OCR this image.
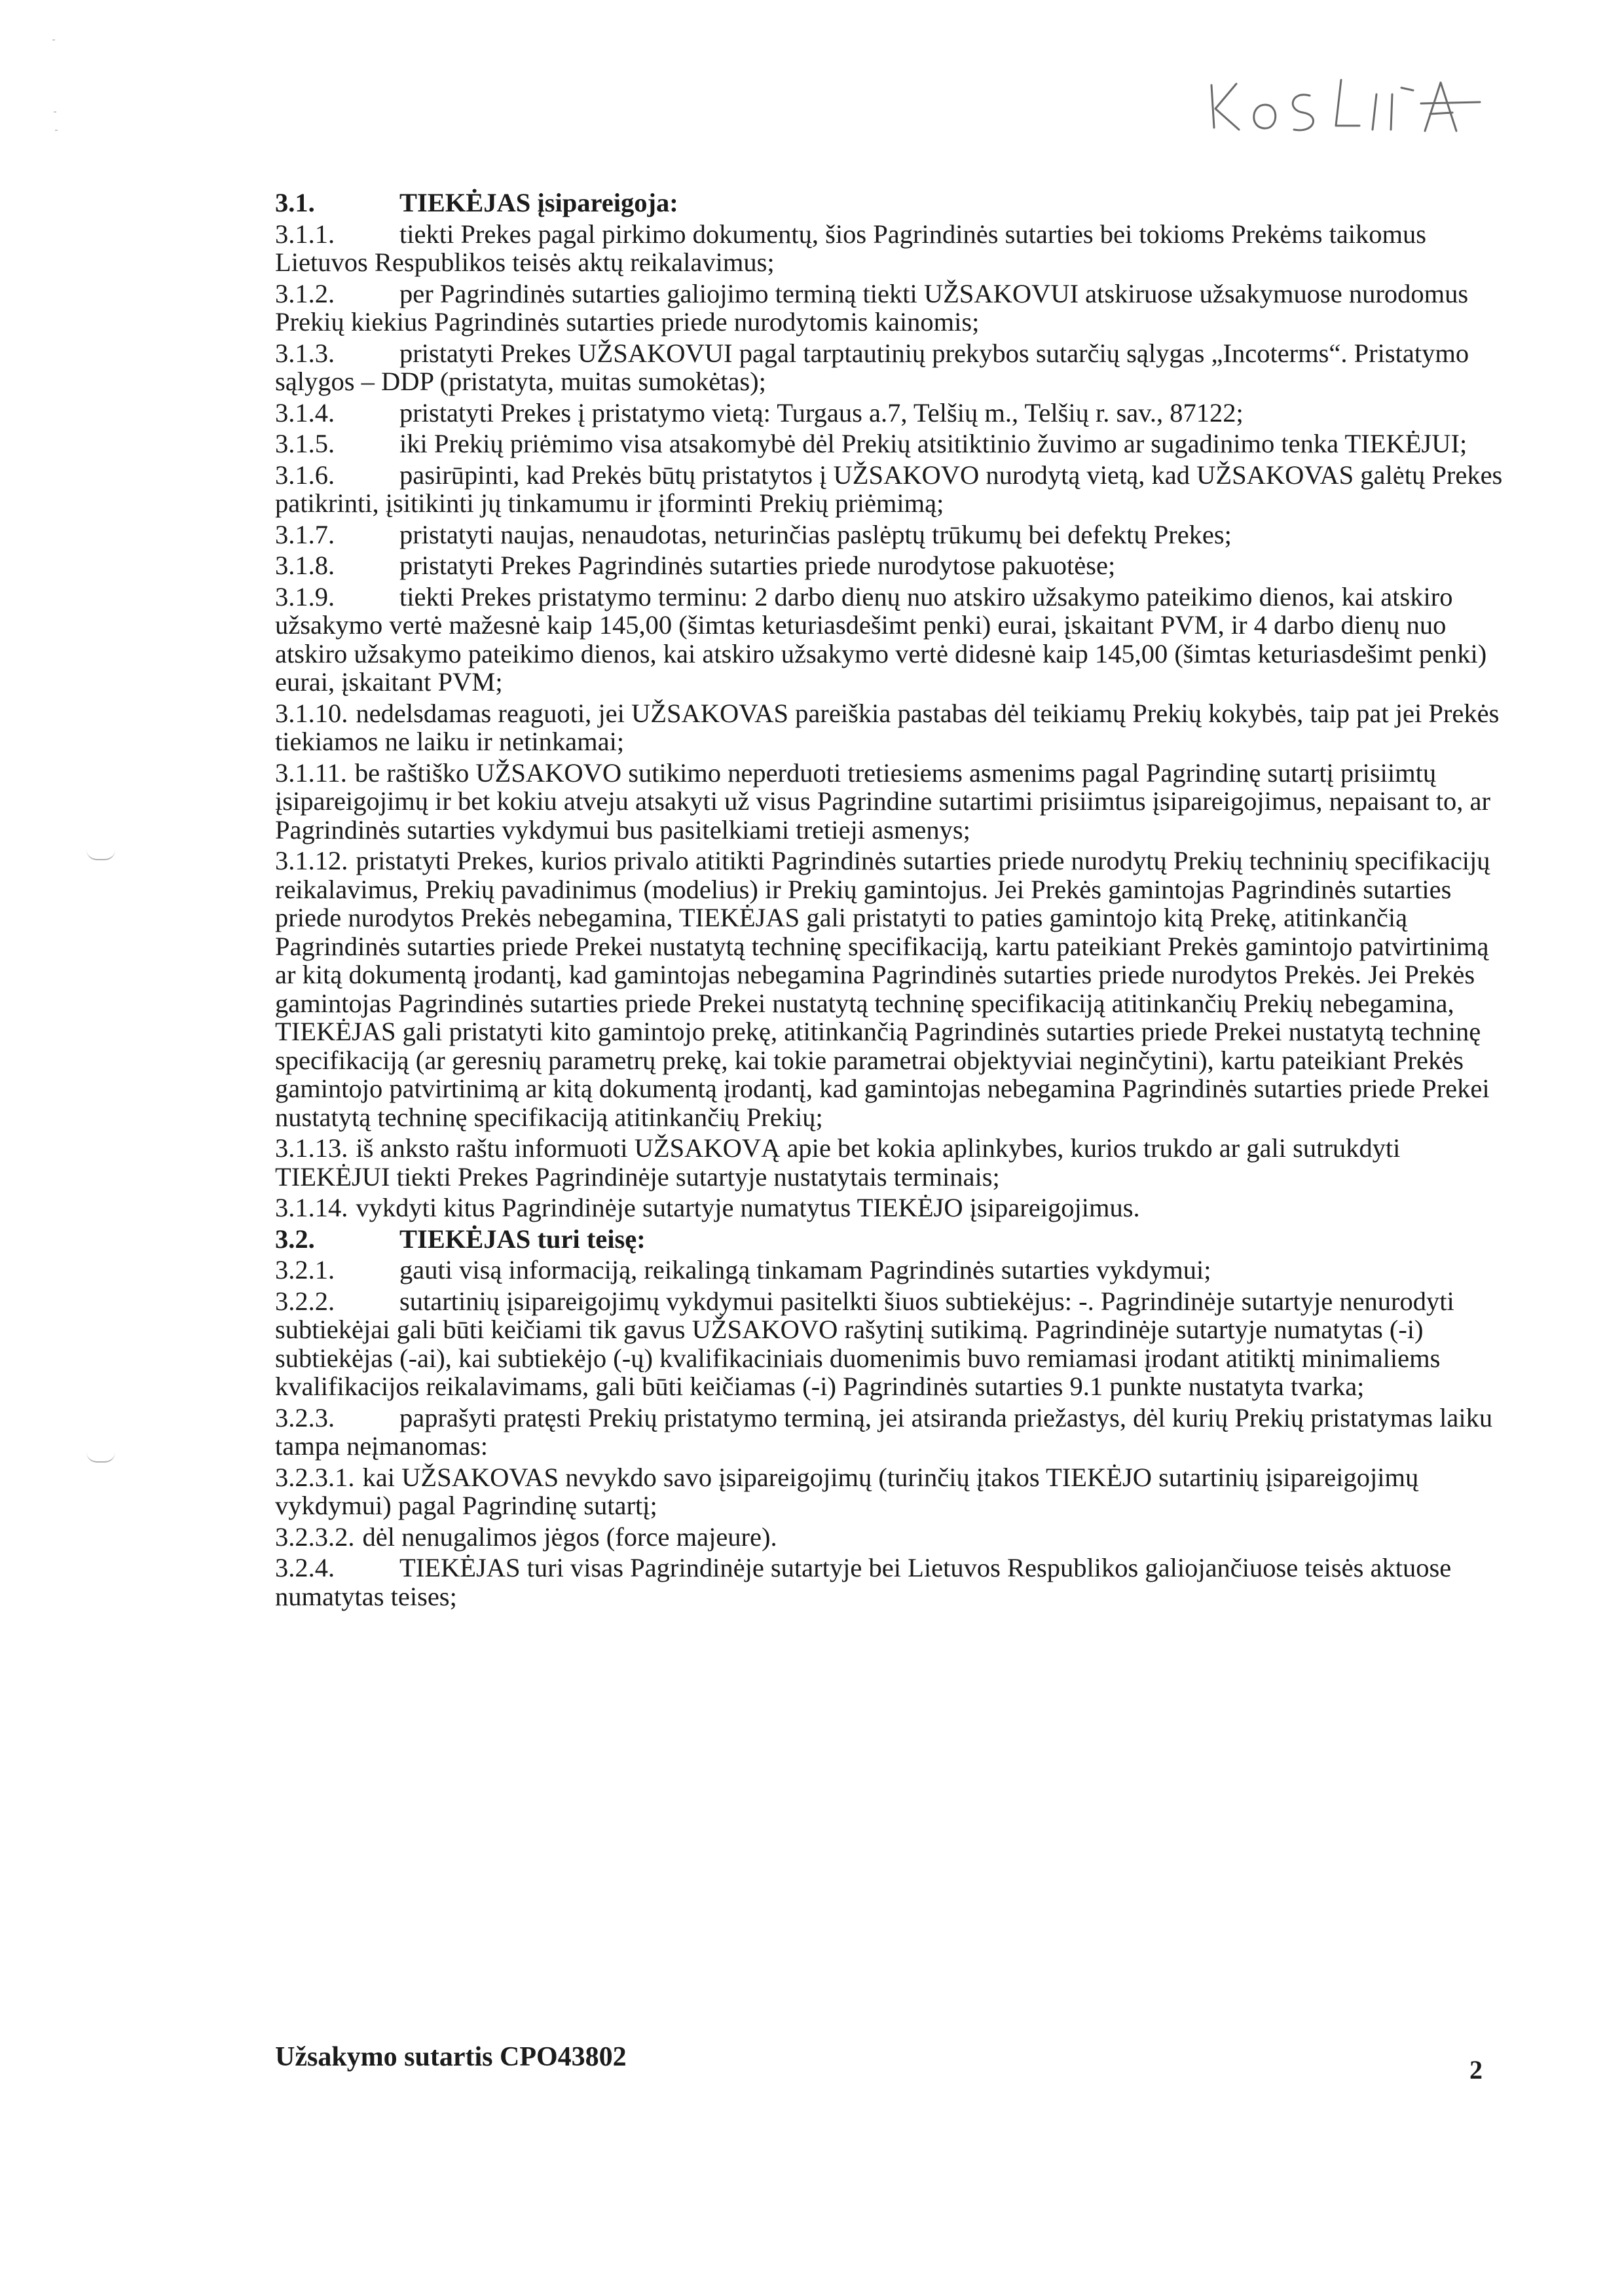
3.1.	TIEKĖJAS įsipareigoja:
3.1.1. tiekti Prekes pagal pirkimo dokumentų, šios Pagrindinės sutarties bei tokioms Prekėms taikomus Lietuvos Respublikos teisės aktų reikalavimus;
3.1.2. per Pagrindinės sutarties galiojimo terminą tiekti UŽSAKOVUI atskiruose užsakymuose nurodomus Prekių kiekius Pagrindinės sutarties priede nurodytomis kainomis;
3.1.3. pristatyti Prekes UŽSAKOVUI pagal tarptautinių prekybos sutarčių sąlygas „Incoterms“. Pristatymo sąlygos – DDP (pristatyta, muitas sumokėtas);
3.1.4. pristatyti Prekes į pristatymo vietą: Turgaus a.7, Telšių m., Telšių r. sav., 87122;
3.1.5. iki Prekių priėmimo visa atsakomybė dėl Prekių atsitiktinio žuvimo ar sugadinimo tenka TIEKĖJUI;
3.1.6. pasirūpinti, kad Prekės būtų pristatytos į UŽSAKOVO nurodytą vietą, kad UŽSAKOVAS galėtų Prekes patikrinti, įsitikinti jų tinkamumu ir įforminti Prekių priėmimą;
3.1.7. pristatyti naujas, nenaudotas, neturinčias paslėptų trūkumų bei defektų Prekes;
3.1.8. pristatyti Prekes Pagrindinės sutarties priede nurodytose pakuotėse;
3.1.9. tiekti Prekes pristatymo terminu: 2 darbo dienų nuo atskiro užsakymo pateikimo dienos, kai atskiro užsakymo vertė mažesnė kaip 145,00 (šimtas keturiasdešimt penki) eurai, įskaitant PVM, ir 4 darbo dienų nuo atskiro užsakymo pateikimo dienos, kai atskiro užsakymo vertė didesnė kaip 145,00 (šimtas keturiasdešimt penki) eurai, įskaitant PVM;
3.1.10. nedelsdamas reaguoti, jei UŽSAKOVAS pareiškia pastabas dėl teikiamų Prekių kokybės, taip pat jei Prekės tiekiamos ne laiku ir netinkamai;
3.1.11. be raštiško UŽSAKOVO sutikimo neperduoti tretiesiems asmenims pagal Pagrindinę sutartį prisiimtų įsipareigojimų ir bet kokiu atveju atsakyti už visus Pagrindine sutartimi prisiimtus įsipareigojimus, nepaisant to, ar Pagrindinės sutarties vykdymui bus pasitelkiami tretieji asmenys;
3.1.12. pristatyti Prekes, kurios privalo atitikti Pagrindinės sutarties priede nurodytų Prekių techninių specifikacijų reikalavimus, Prekių pavadinimus (modelius) ir Prekių gamintojus. Jei Prekės gamintojas Pagrindinės sutarties priede nurodytos Prekės nebegamina, TIEKĖJAS gali pristatyti to paties gamintojo kitą Prekę, atitinkančią Pagrindinės sutarties priede Prekei nustatytą techninę specifikaciją, kartu pateikiant Prekės gamintojo patvirtinimą ar kitą dokumentą įrodantį, kad gamintojas nebegamina Pagrindinės sutarties priede nurodytos Prekės. Jei Prekės gamintojas Pagrindinės sutarties priede Prekei nustatytą techninę specifikaciją atitinkančių Prekių nebegamina, TIEKĖJAS gali pristatyti kito gamintojo prekę, atitinkančią Pagrindinės sutarties priede Prekei nustatytą techninę specifikaciją (ar geresnių parametrų prekę, kai tokie parametrai objektyviai neginčytini), kartu pateikiant Prekės gamintojo patvirtinimą ar kitą dokumentą įrodantį, kad gamintojas nebegamina Pagrindinės sutarties priede Prekei nustatytą techninę specifikaciją atitinkančių Prekių;
3.1.13. iš anksto raštu informuoti UŽSAKOVĄ apie bet kokia aplinkybes, kurios trukdo ar gali sutrukdyti TIEKĖJUI tiekti Prekes Pagrindinėje sutartyje nustatytais terminais;
3.1.14. vykdyti kitus Pagrindinėje sutartyje numatytus TIEKĖJO įsipareigojimus.
3.2.	TIEKĖJAS turi teisę:
3.2.1. gauti visą informaciją, reikalingą tinkamam Pagrindinės sutarties vykdymui;
3.2.2. sutartinių įsipareigojimų vykdymui pasitelkti šiuos subtiekėjus: -. Pagrindinėje sutartyje nenurodyti subtiekėjai gali būti keičiami tik gavus UŽSAKOVO rašytinį sutikimą. Pagrindinėje sutartyje numatytas (-i) subtiekėjas (-ai), kai subtiekėjo (-ų) kvalifikaciniais duomenimis buvo remiamasi įrodant atitiktį minimaliems kvalifikacijos reikalavimams, gali būti keičiamas (-i) Pagrindinės sutarties 9.1 punkte nustatyta tvarka;
3.2.3. paprašyti pratęsti Prekių pristatymo terminą, jei atsiranda priežastys, dėl kurių Prekių pristatymas laiku tampa neįmanomas:
3.2.3.1. kai UŽSAKOVAS nevykdo savo įsipareigojimų (turinčių įtakos TIEKĖJO sutartinių įsipareigojimų vykdymui) pagal Pagrindinę sutartį;
3.2.3.2. dėl nenugalimos jėgos (force majeure).
3.2.4. TIEKĖJAS turi visas Pagrindinėje sutartyje bei Lietuvos Respublikos galiojančiuose teisės aktuose numatytas teises;
Užsakymo sutartis CPO43802	2
